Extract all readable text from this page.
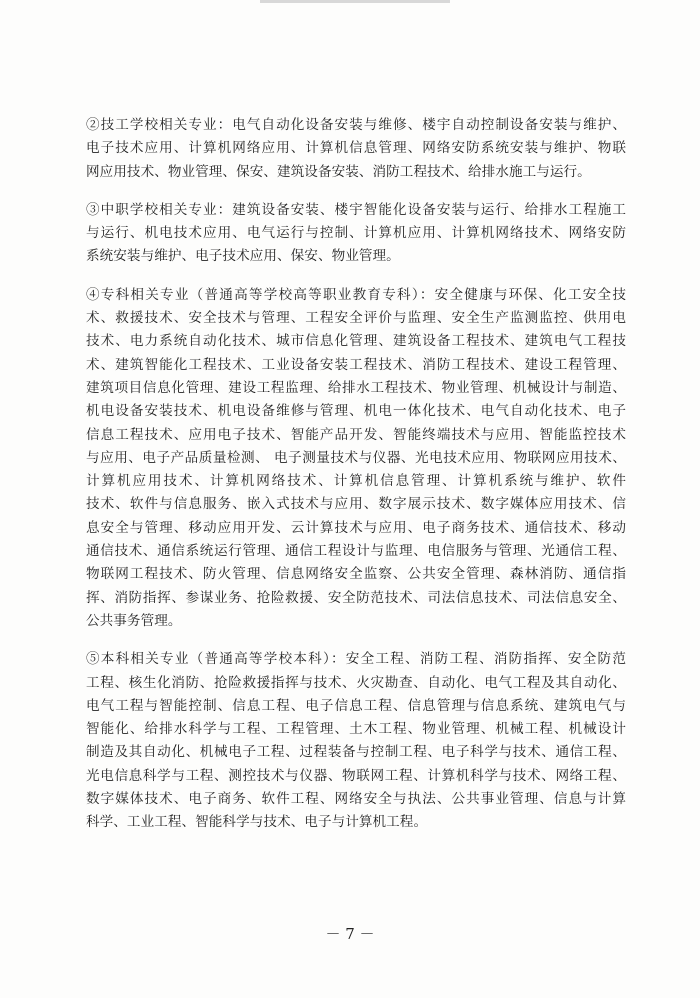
②技工学校相关专业：电气自动化设备安装与维修、楼宇自动控制设备安装与维护、
电子技术应用、计算机网络应用、计算机信息管理、网络安防系统安装与维护、物联
网应用技术、物业管理、保安、建筑设备安装、消防工程技术、给排水施工与运行。

③中职学校相关专业：建筑设备安装、楼宇智能化设备安装与运行、给排水工程施工
与运行、机电技术应用、电气运行与控制、计算机应用、计算机网络技术、网络安防
系统安装与维护、电子技术应用、保安、物业管理。

④专科相关专业（普通高等学校高等职业教育专科）：安全健康与环保、化工安全技
术、救援技术、安全技术与管理、工程安全评价与监理、安全生产监测监控、供用电
技术、电力系统自动化技术、城市信息化管理、建筑设备工程技术、建筑电气工程技
术、建筑智能化工程技术、工业设备安装工程技术、消防工程技术、建设工程管理、
建筑项目信息化管理、建设工程监理、给排水工程技术、物业管理、机械设计与制造、
机电设备安装技术、机电设备维修与管理、机电一体化技术、电气自动化技术、电子
信息工程技术、应用电子技术、智能产品开发、智能终端技术与应用、智能监控技术
与应用、电子产品质量检测、 电子测量技术与仪器、光电技术应用、物联网应用技术、
计算机应用技术、计算机网络技术、计算机信息管理、计算机系统与维护、软件
技术、软件与信息服务、嵌入式技术与应用、数字展示技术、数字媒体应用技术、信
息安全与管理、移动应用开发、云计算技术与应用、电子商务技术、通信技术、移动
通信技术、通信系统运行管理、通信工程设计与监理、电信服务与管理、光通信工程、
物联网工程技术、防火管理、信息网络安全监察、公共安全管理、森林消防、通信指
挥、消防指挥、参谋业务、抢险救援、安全防范技术、司法信息技术、司法信息安全、
公共事务管理。

⑤本科相关专业（普通高等学校本科）：安全工程、消防工程、消防指挥、安全防范
工程、核生化消防、抢险救援指挥与技术、火灾勘查、自动化、电气工程及其自动化、
电气工程与智能控制、信息工程、电子信息工程、信息管理与信息系统、建筑电气与
智能化、给排水科学与工程、工程管理、土木工程、物业管理、机械工程、机械设计
制造及其自动化、机械电子工程、过程装备与控制工程、电子科学与技术、通信工程、
光电信息科学与工程、测控技术与仪器、物联网工程、计算机科学与技术、网络工程、
数字媒体技术、电子商务、软件工程、网络安全与执法、公共事业管理、信息与计算
科学、工业工程、智能科学与技术、电子与计算机工程。

－ 7 －
